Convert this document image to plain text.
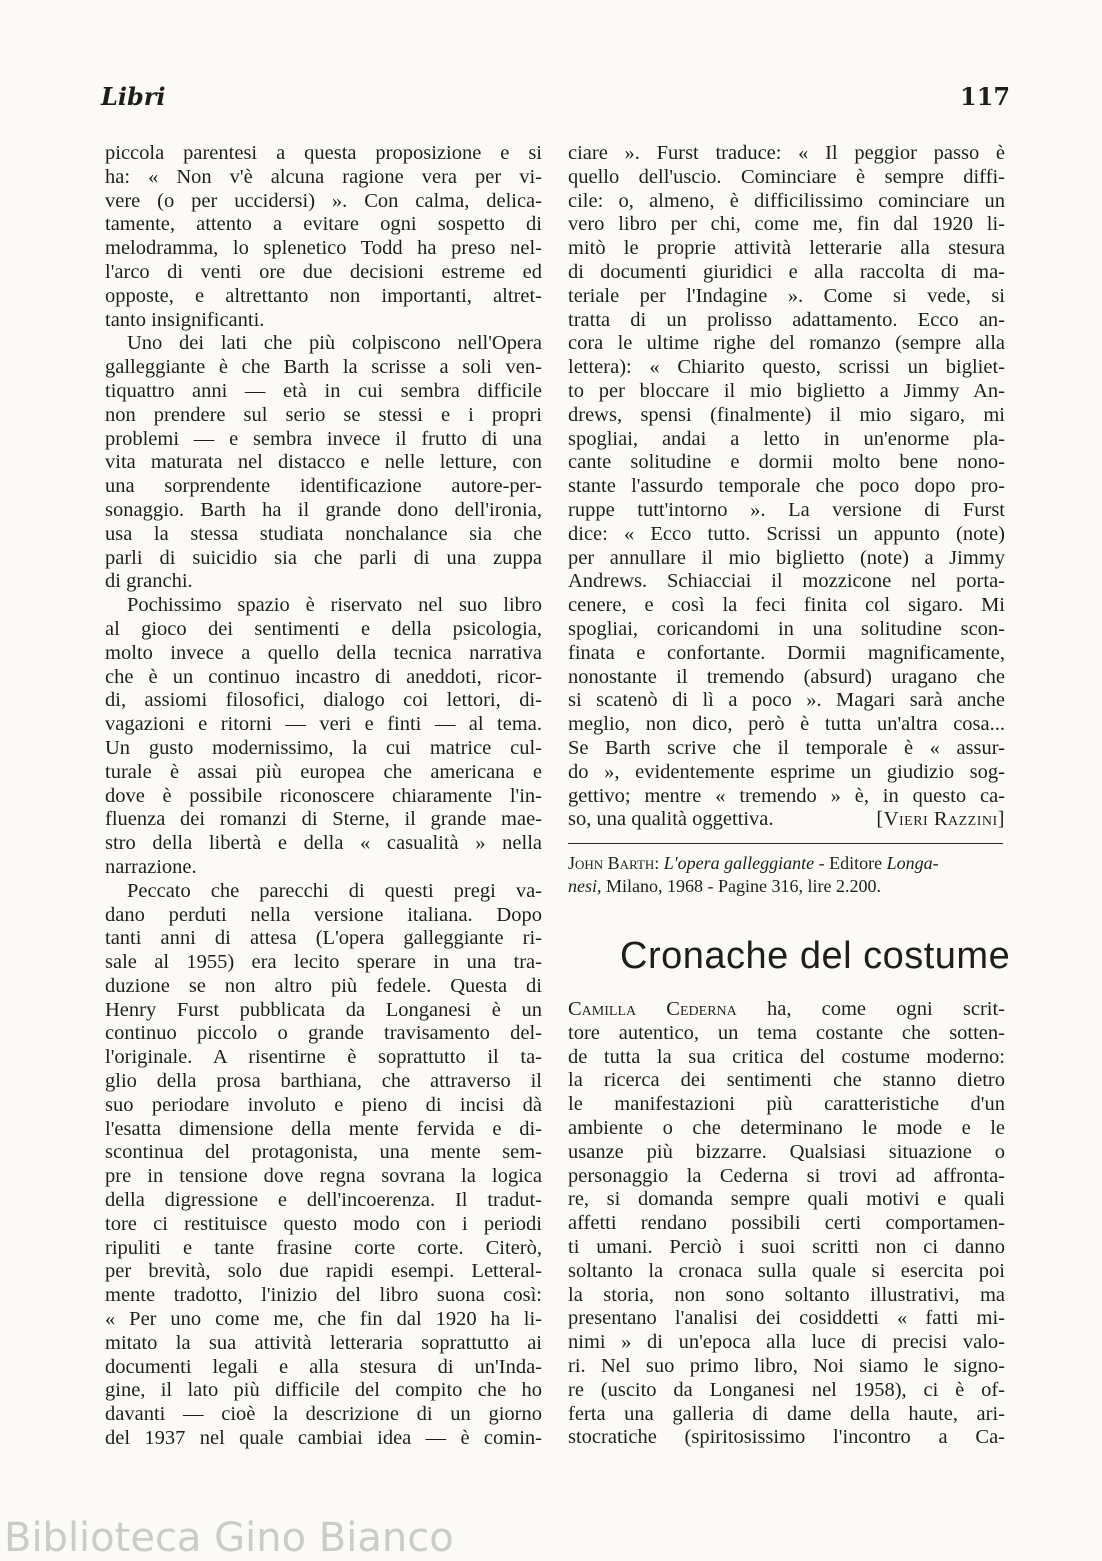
Libri	117
piccola parentesi a questa proposizione e si
ha: « Non v'è alcuna ragione vera per vi-
vere (o per uccidersi) ». Con calma, delica-
tamente, attento a evitare ogni sospetto di
melodramma, lo splenetico Todd ha preso nel-
l'arco di venti ore due decisioni estreme ed
opposte, e altrettanto non importanti, altret-
tanto insignificanti.
Uno dei lati che più colpiscono nell'Opera
galleggiante è che Barth la scrisse a soli ven-
tiquattro anni — età in cui sembra difficile
non prendere sul serio se stessi e i propri
problemi — e sembra invece il frutto di una
vita maturata nel distacco e nelle letture, con
una sorprendente identificazione autore-per-
sonaggio. Barth ha il grande dono dell'ironia,
usa la stessa studiata nonchalance sia che
parli di suicidio sia che parli di una zuppa
di granchi.
Pochissimo spazio è riservato nel suo libro
al gioco dei sentimenti e della psicologia,
molto invece a quello della tecnica narrativa
che è un continuo incastro di aneddoti, ricor-
di, assiomi filosofici, dialogo coi lettori, di-
vagazioni e ritorni — veri e finti — al tema.
Un gusto modernissimo, la cui matrice cul-
turale è assai più europea che americana e
dove è possibile riconoscere chiaramente l'in-
fluenza dei romanzi di Sterne, il grande mae-
stro della libertà e della « casualità » nella
narrazione.
Peccato che parecchi di questi pregi va-
dano perduti nella versione italiana. Dopo
tanti anni di attesa (L'opera galleggiante ri-
sale al 1955) era lecito sperare in una tra-
duzione se non altro più fedele. Questa di
Henry Furst pubblicata da Longanesi è un
continuo piccolo o grande travisamento del-
l'originale. A risentirne è soprattutto il ta-
glio della prosa barthiana, che attraverso il
suo periodare involuto e pieno di incisi dà
l'esatta dimensione della mente fervida e di-
scontinua del protagonista, una mente sem-
pre in tensione dove regna sovrana la logica
della digressione e dell'incoerenza. Il tradut-
tore ci restituisce questo modo con i periodi
ripuliti e tante frasine corte corte. Citerò,
per brevità, solo due rapidi esempi. Letteral-
mente tradotto, l'inizio del libro suona così:
« Per uno come me, che fin dal 1920 ha li-
mitato la sua attività letteraria soprattutto ai
documenti legali e alla stesura di un'Inda-
gine, il lato più difficile del compito che ho
davanti — cioè la descrizione di un giorno
del 1937 nel quale cambiai idea — è comin-
ciare ». Furst traduce: « Il peggior passo è
quello dell'uscio. Cominciare è sempre diffi-
cile: o, almeno, è difficilissimo cominciare un
vero libro per chi, come me, fin dal 1920 li-
mitò le proprie attività letterarie alla stesura
di documenti giuridici e alla raccolta di ma-
teriale per l'Indagine ». Come si vede, si
tratta di un prolisso adattamento. Ecco an-
cora le ultime righe del romanzo (sempre alla
lettera): « Chiarito questo, scrissi un bigliet-
to per bloccare il mio biglietto a Jimmy An-
drews, spensi (finalmente) il mio sigaro, mi
spogliai, andai a letto in un'enorme pla-
cante solitudine e dormii molto bene nono-
stante l'assurdo temporale che poco dopo pro-
ruppe tutt'intorno ». La versione di Furst
dice: « Ecco tutto. Scrissi un appunto (note)
per annullare il mio biglietto (note) a Jimmy
Andrews. Schiacciai il mozzicone nel porta-
cenere, e così la feci finita col sigaro. Mi
spogliai, coricandomi in una solitudine scon-
finata e confortante. Dormii magnificamente,
nonostante il tremendo (absurd) uragano che
si scatenò di lì a poco ». Magari sarà anche
meglio, non dico, però è tutta un'altra cosa...
Se Barth scrive che il temporale è « assur-
do », evidentemente esprime un giudizio sog-
gettivo; mentre « tremendo » è, in questo ca-
so, una qualità oggettiva.	[Vieri Razzini]
John Barth: L'opera galleggiante - Editore Longa-
nesi, Milano, 1968 - Pagine 316, lire 2.200.
Cronache del costume
Camilla Cederna ha, come ogni scrit-
tore autentico, un tema costante che sotten-
de tutta la sua critica del costume moderno:
la ricerca dei sentimenti che stanno dietro
le manifestazioni più caratteristiche d'un
ambiente o che determinano le mode e le
usanze più bizzarre. Qualsiasi situazione o
personaggio la Cederna si trovi ad affronta-
re, si domanda sempre quali motivi e quali
affetti rendano possibili certi comportamen-
ti umani. Perciò i suoi scritti non ci danno
soltanto la cronaca sulla quale si esercita poi
la storia, non sono soltanto illustrativi, ma
presentano l'analisi dei cosiddetti « fatti mi-
nimi » di un'epoca alla luce di precisi valo-
ri. Nel suo primo libro, Noi siamo le signo-
re (uscito da Longanesi nel 1958), ci è of-
ferta una galleria di dame della haute, ari-
stocratiche (spiritosissimo l'incontro a Ca-
Biblioteca Gino Bianco
